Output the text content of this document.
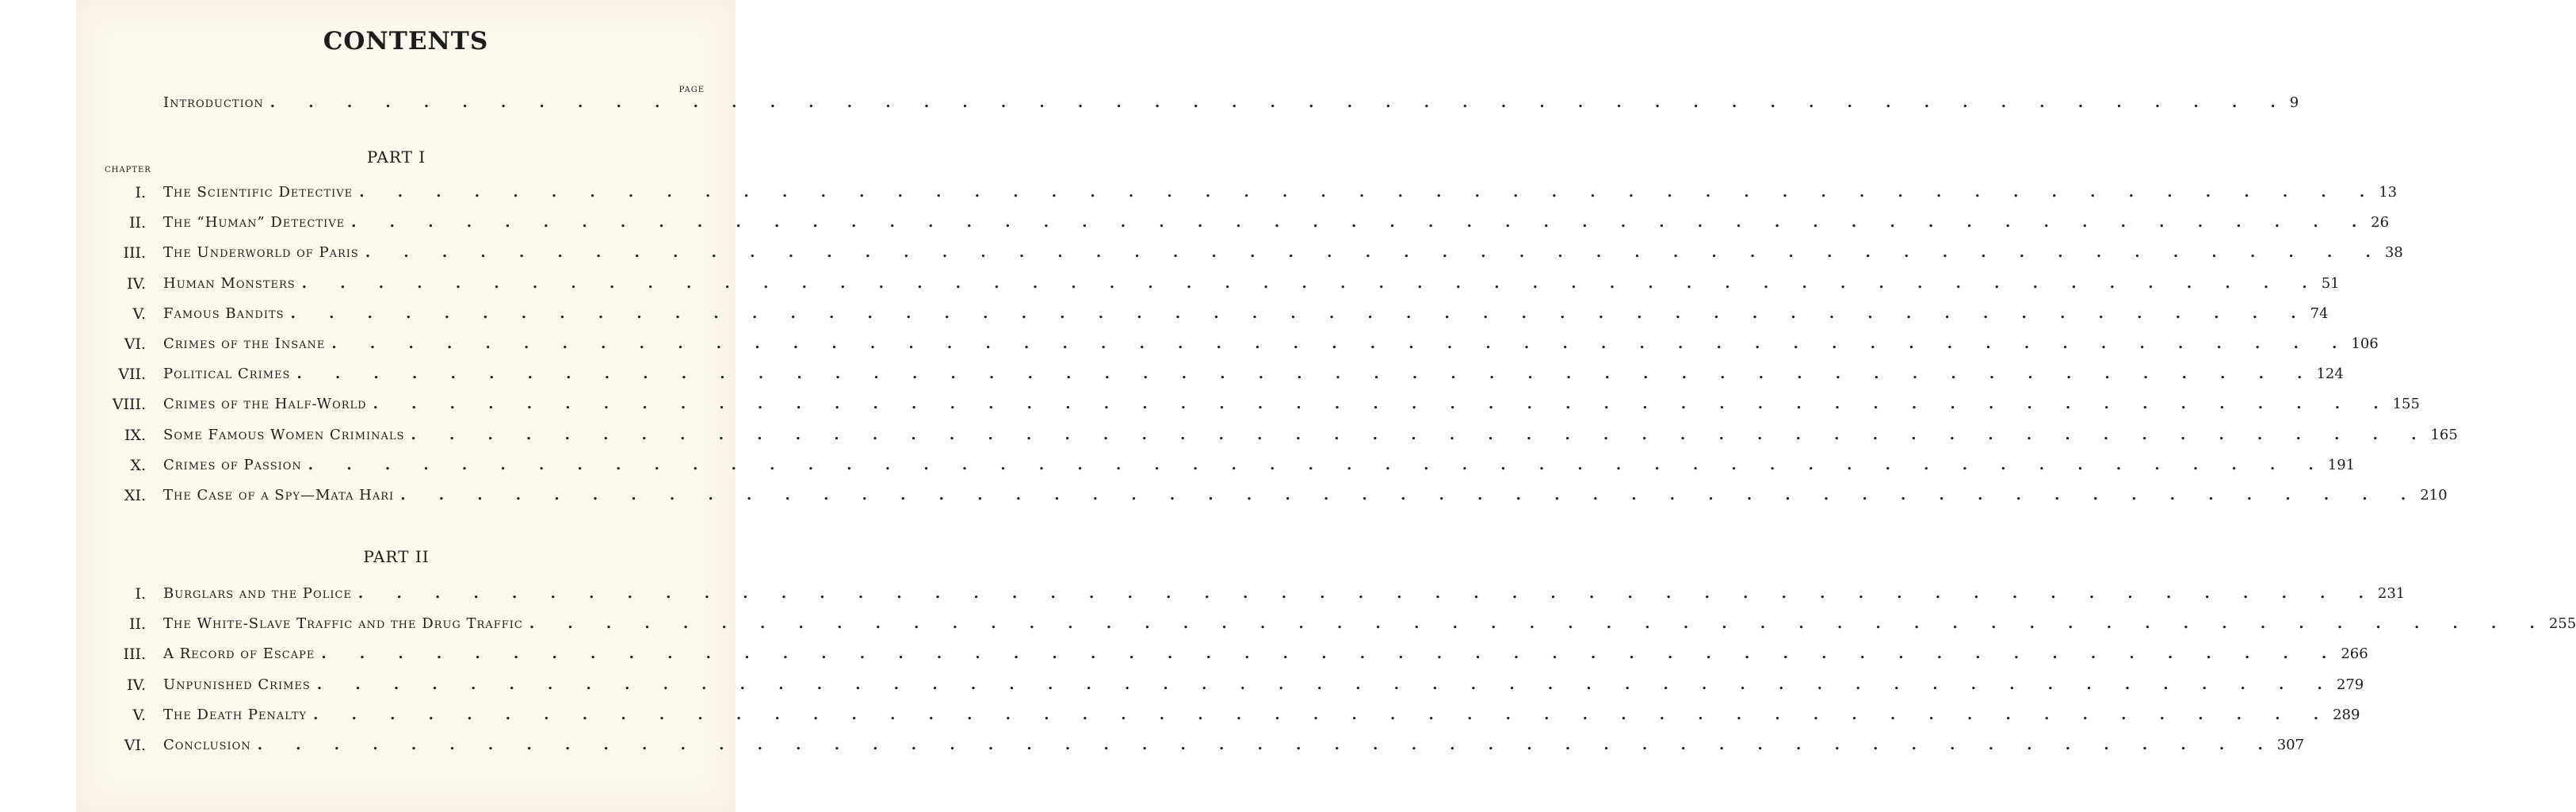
CONTENTS
PAGE
Introduction . . . . . . . . . . . . . . . . . . . . . . . . . . . . . . . . . . . . . . . . . . . . . . . . . . . . . 9
PART I
CHAPTER
I. The Scientific Detective . . . . . . . . . . . . . . . . . . . . . . . . . . . . . . . . . . . . . . . . . . . . . . . . . . . . . 13
II. The “Human” Detective . . . . . . . . . . . . . . . . . . . . . . . . . . . . . . . . . . . . . . . . . . . . . . . . . . . . . 26
III. The Underworld of Paris . . . . . . . . . . . . . . . . . . . . . . . . . . . . . . . . . . . . . . . . . . . . . . . . . . . . . 38
IV. Human Monsters . . . . . . . . . . . . . . . . . . . . . . . . . . . . . . . . . . . . . . . . . . . . . . . . . . . . . 51
V. Famous Bandits . . . . . . . . . . . . . . . . . . . . . . . . . . . . . . . . . . . . . . . . . . . . . . . . . . . . . 74
VI. Crimes of the Insane . . . . . . . . . . . . . . . . . . . . . . . . . . . . . . . . . . . . . . . . . . . . . . . . . . . . . 106
VII. Political Crimes . . . . . . . . . . . . . . . . . . . . . . . . . . . . . . . . . . . . . . . . . . . . . . . . . . . . . 124
VIII. Crimes of the Half-World . . . . . . . . . . . . . . . . . . . . . . . . . . . . . . . . . . . . . . . . . . . . . . . . . . . . . 155
IX. Some Famous Women Criminals . . . . . . . . . . . . . . . . . . . . . . . . . . . . . . . . . . . . . . . . . . . . . . . . . . . . . 165
X. Crimes of Passion . . . . . . . . . . . . . . . . . . . . . . . . . . . . . . . . . . . . . . . . . . . . . . . . . . . . . 191
XI. The Case of a Spy—Mata Hari . . . . . . . . . . . . . . . . . . . . . . . . . . . . . . . . . . . . . . . . . . . . . . . . . . . . . 210
PART II
I. Burglars and the Police . . . . . . . . . . . . . . . . . . . . . . . . . . . . . . . . . . . . . . . . . . . . . . . . . . . . . 231
II. The White-Slave Traffic and the Drug Traffic . . . . . . . . . . . . . . . . . . . . . . . . . . . . . . . . . . . . . . . . . . . . . . . . . . . . . 255
III. A Record of Escape . . . . . . . . . . . . . . . . . . . . . . . . . . . . . . . . . . . . . . . . . . . . . . . . . . . . . 266
IV. Unpunished Crimes . . . . . . . . . . . . . . . . . . . . . . . . . . . . . . . . . . . . . . . . . . . . . . . . . . . . . 279
V. The Death Penalty . . . . . . . . . . . . . . . . . . . . . . . . . . . . . . . . . . . . . . . . . . . . . . . . . . . . . 289
VI. Conclusion . . . . . . . . . . . . . . . . . . . . . . . . . . . . . . . . . . . . . . . . . . . . . . . . . . . . . 307
